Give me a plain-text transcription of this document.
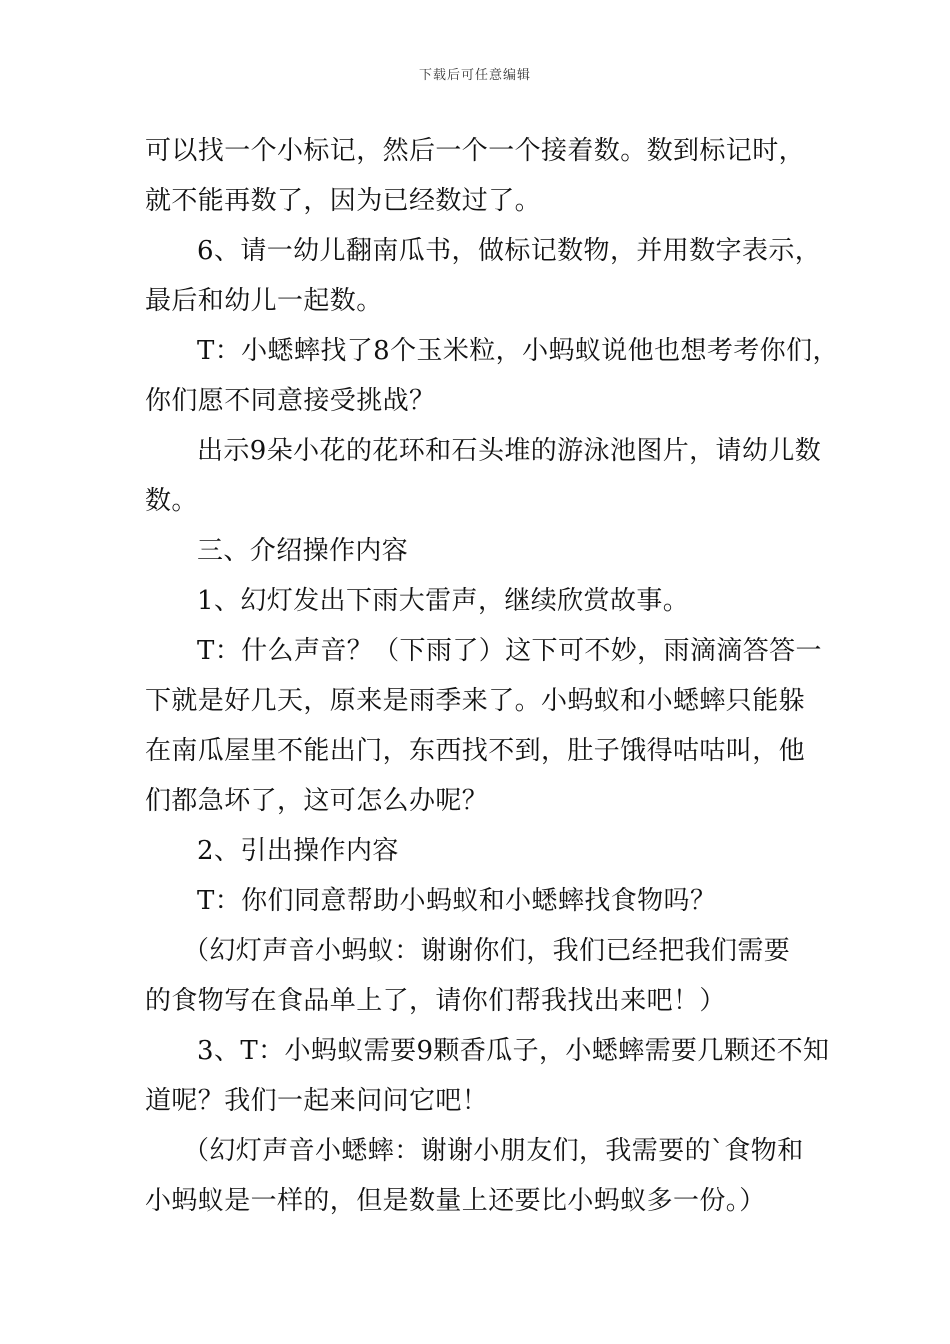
下载后可任意编辑
可以找一个小标记，然后一个一个接着数。数到标记时，
就不能再数了，因为已经数过了。
6、请一幼儿翻南瓜书，做标记数物，并用数字表示，
最后和幼儿一起数。
T：小蟋蟀找了8个玉米粒，小蚂蚁说他也想考考你们，
你们愿不同意接受挑战？
出示9朵小花的花环和石头堆的游泳池图片，请幼儿数
数。
三、介绍操作内容
1、幻灯发出下雨大雷声，继续欣赏故事。
T：什么声音？（下雨了）这下可不妙，雨滴滴答答一
下就是好几天，原来是雨季来了。小蚂蚁和小蟋蟀只能躲
在南瓜屋里不能出门，东西找不到，肚子饿得咕咕叫，他
们都急坏了，这可怎么办呢？
2、引出操作内容
T：你们同意帮助小蚂蚁和小蟋蟀找食物吗？
（幻灯声音小蚂蚁：谢谢你们，我们已经把我们需要
的食物写在食品单上了，请你们帮我找出来吧！）
3、T：小蚂蚁需要9颗香瓜子，小蟋蟀需要几颗还不知
道呢？我们一起来问问它吧！
（幻灯声音小蟋蟀：谢谢小朋友们，我需要的`食物和
小蚂蚁是一样的，但是数量上还要比小蚂蚁多一份。）
